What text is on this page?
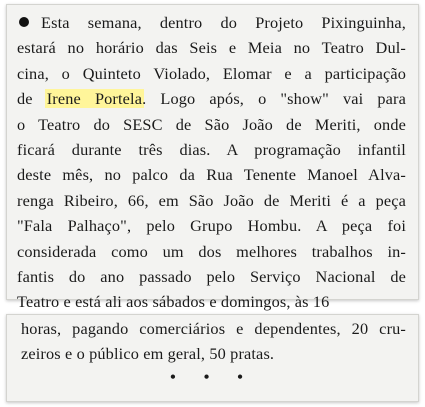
Esta semana, dentro do Projeto Pixinguinha,
estará no horário das Seis e Meia no Teatro Dul-
cina, o Quinteto Violado, Elomar e a participação
de Irene Portela. Logo após, o "show" vai para
o Teatro do SESC de São João de Meriti, onde
ficará durante três dias. A programação infantil
deste mês, no palco da Rua Tenente Manoel Alva-
renga Ribeiro, 66, em São João de Meriti é a peça
"Fala Palhaço", pelo Grupo Hombu. A peça foi
considerada como um dos melhores trabalhos in-
fantis do ano passado pelo Serviço Nacional de
Teatro e está ali aos sábados e domingos, às 16
horas, pagando comerciários e dependentes, 20 cru-
zeiros e o público em geral, 50 pratas.
• • •
